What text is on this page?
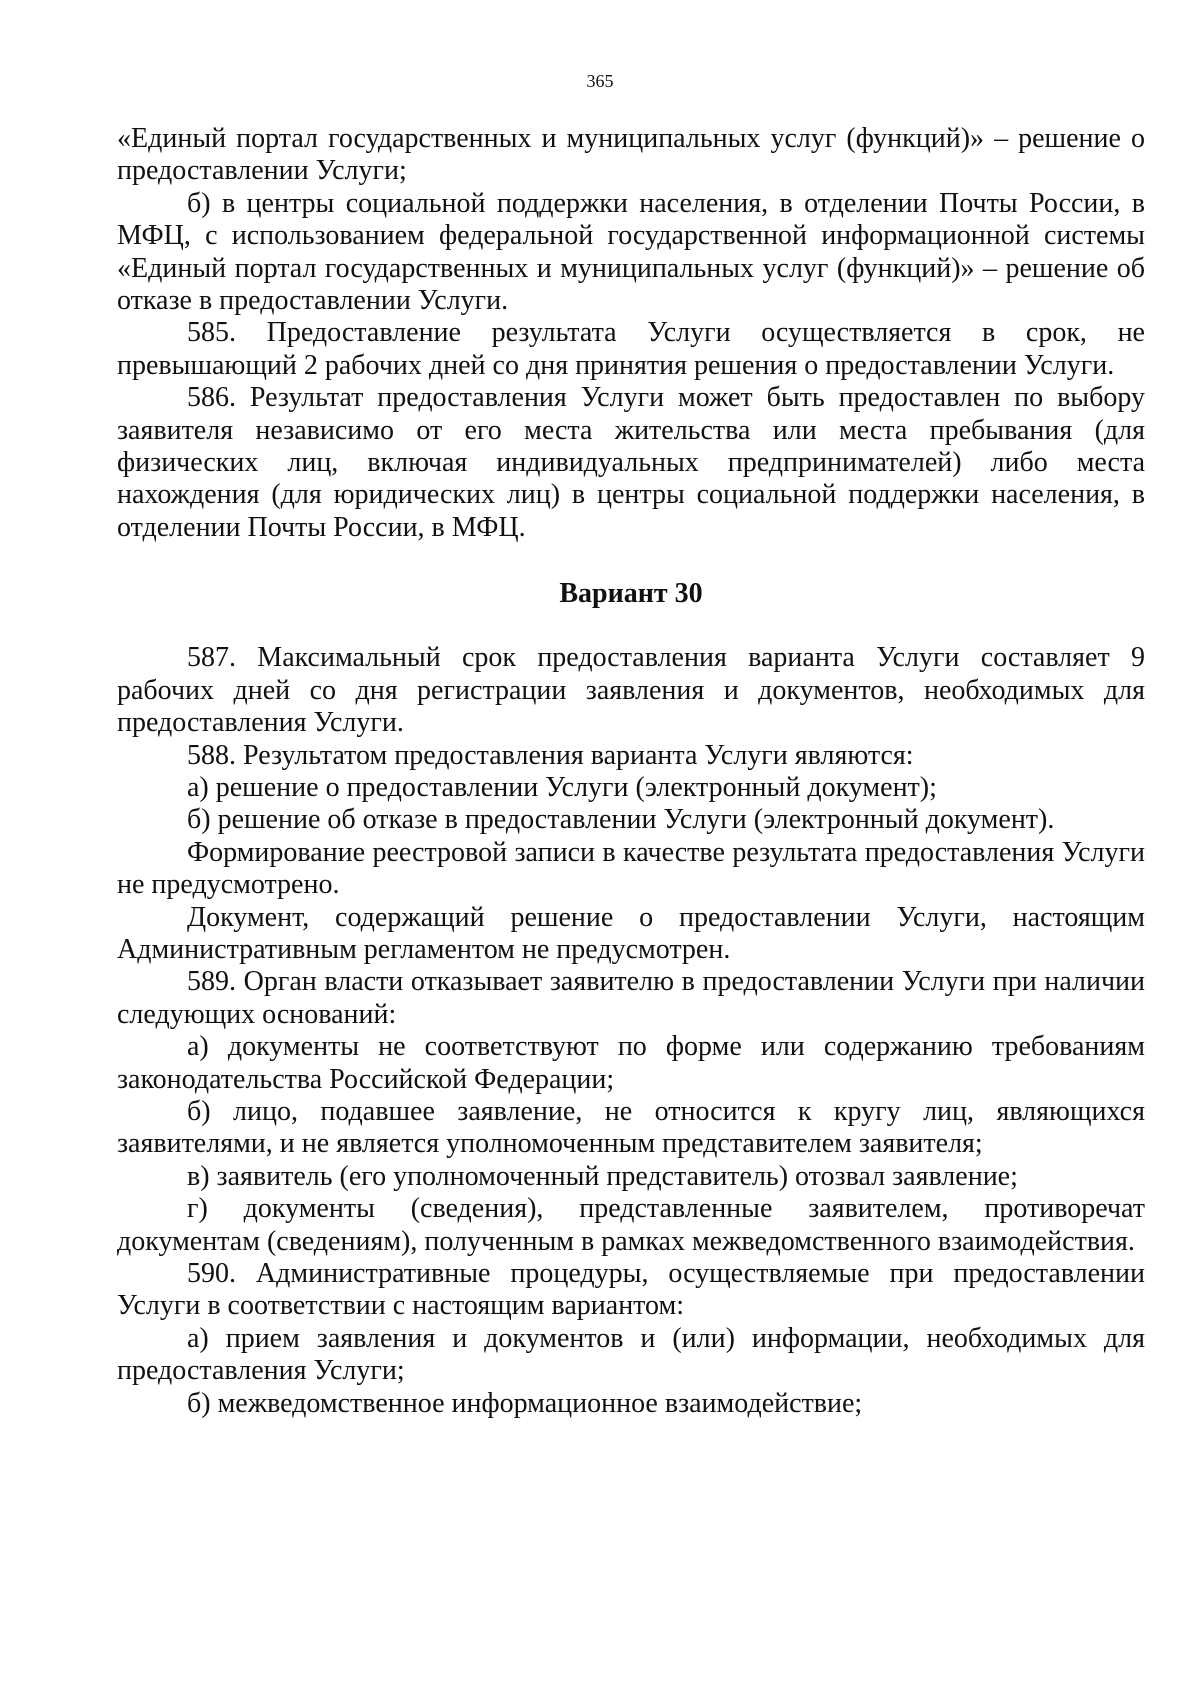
365

«Единый портал государственных и муниципальных услуг (функций)» – решение о предоставлении Услуги;

б) в центры социальной поддержки населения, в отделении Почты России, в МФЦ, с использованием федеральной государственной информационной системы «Единый портал государственных и муниципальных услуг (функций)» – решение об отказе в предоставлении Услуги.

585. Предоставление результата Услуги осуществляется в срок, не превышающий 2 рабочих дней со дня принятия решения о предоставлении Услуги.

586. Результат предоставления Услуги может быть предоставлен по выбору заявителя независимо от его места жительства или места пребывания (для физических лиц, включая индивидуальных предпринимателей) либо места нахождения (для юридических лиц) в центры социальной поддержки населения, в отделении Почты России, в МФЦ.

Вариант 30

587. Максимальный срок предоставления варианта Услуги составляет 9 рабочих дней со дня регистрации заявления и документов, необходимых для предоставления Услуги.

588. Результатом предоставления варианта Услуги являются:

а) решение о предоставлении Услуги (электронный документ);

б) решение об отказе в предоставлении Услуги (электронный документ).

Формирование реестровой записи в качестве результата предоставления Услуги не предусмотрено.

Документ, содержащий решение о предоставлении Услуги, настоящим Административным регламентом не предусмотрен.

589. Орган власти отказывает заявителю в предоставлении Услуги при наличии следующих оснований:

а) документы не соответствуют по форме или содержанию требованиям законодательства Российской Федерации;

б) лицо, подавшее заявление, не относится к кругу лиц, являющихся заявителями, и не является уполномоченным представителем заявителя;

в) заявитель (его уполномоченный представитель) отозвал заявление;

г) документы (сведения), представленные заявителем, противоречат документам (сведениям), полученным в рамках межведомственного взаимодействия.

590. Административные процедуры, осуществляемые при предоставлении Услуги в соответствии с настоящим вариантом:

а) прием заявления и документов и (или) информации, необходимых для предоставления Услуги;

б) межведомственное информационное взаимодействие;
